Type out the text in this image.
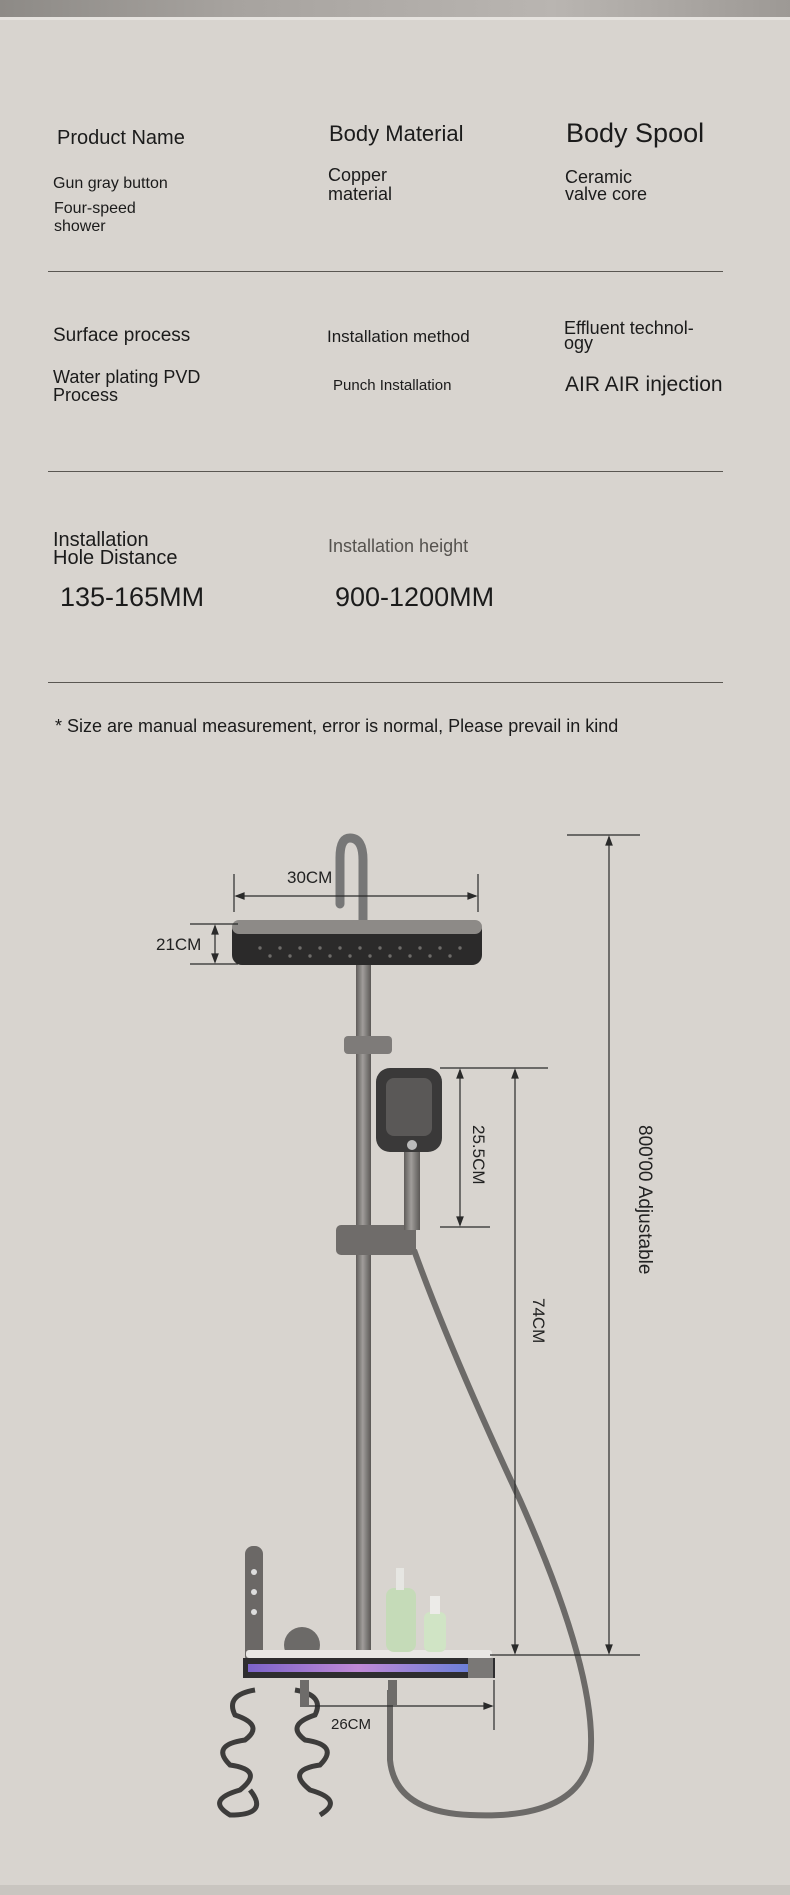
Product Name
Gun gray button
Four-speed
shower
Body Material
Copper
material
Body Spool
Ceramic
valve core
Surface process
Water plating PVD
Process
Installation method
Punch Installation
Effluent technol-
ogy
AIR AIR injection
Installation
Hole Distance
135-165MM
Installation height
900-1200MM
* Size are manual measurement, error is normal, Please prevail in kind
30CM
21CM
25.5CM
74CM
800'00 Adjustable
26CM
